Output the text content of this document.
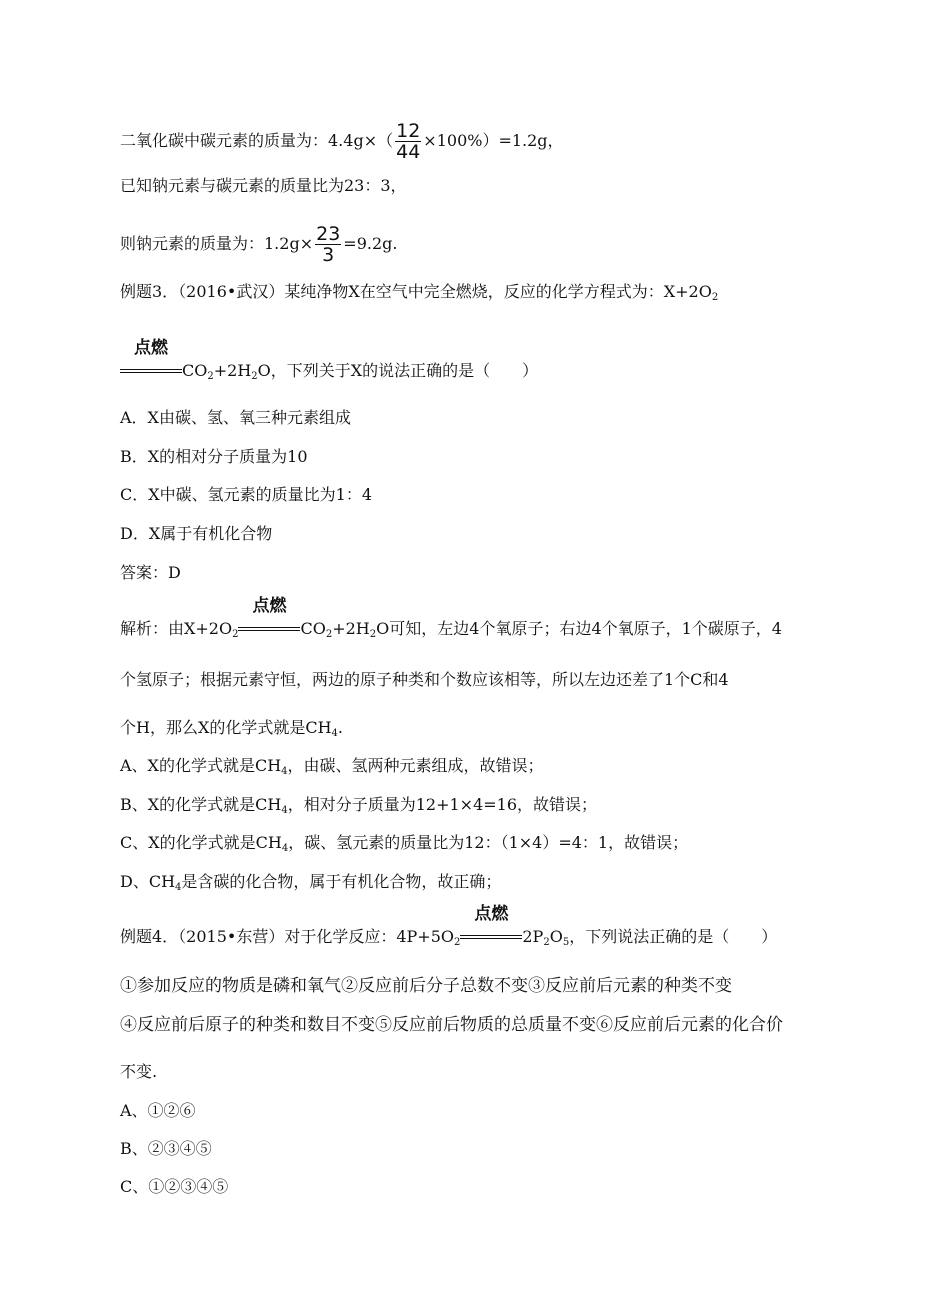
二氧化碳中碳元素的质量为：$4.4g\times( \frac{12}{44} \times 100\%)=1.2g$，
已知钠元素与碳元素的质量比为23：3，
则钠元素的质量为：$1.2g\times \frac{23}{3} =9.2g$.
例题3．（2016•武汉）某纯净物X在空气中完全燃烧，反应的化学方程式为：$X+2O_2$
点燃
$CO_2+2H_2O$，下列关于X的说法正确的是（　　）
A．X由碳、氢、氧三种元素组成
B．X的相对分子质量为10
C．X中碳、氢元素的质量比为1：4
D．X属于有机化合物
答案：D
解析：由$X+2O_2$
点燃
$CO_2+2H_2O$可知，左边4个氧原子；右边4个氧原子，1个碳原子，4
个氢原子；根据元素守恒，两边的原子种类和个数应该相等，所以左边还差了1个C和4
个H，那么X的化学式就是$CH_4$.
A、X的化学式就是$CH_4$，由碳、氢两种元素组成，故错误；
B、X的化学式就是$CH_4$，相对分子质量为12+1×4=16，故错误；
C、X的化学式就是$CH_4$，碳、氢元素的质量比为12：（1×4）=4：1，故错误；
D、$CH_4$是含碳的化合物，属于有机化合物，故正确；
例题4．（2015•东营）对于化学反应：$4P+5O_2$
点燃
$2P_2O_5$，下列说法正确的是（　　）
①参加反应的物质是磷和氧气②反应前后分子总数不变③反应前后元素的种类不变
④反应前后原子的种类和数目不变⑤反应前后物质的总质量不变⑥反应前后元素的化合价
不变.
A、①②⑥
B、②③④⑤
C、①②③④⑤
